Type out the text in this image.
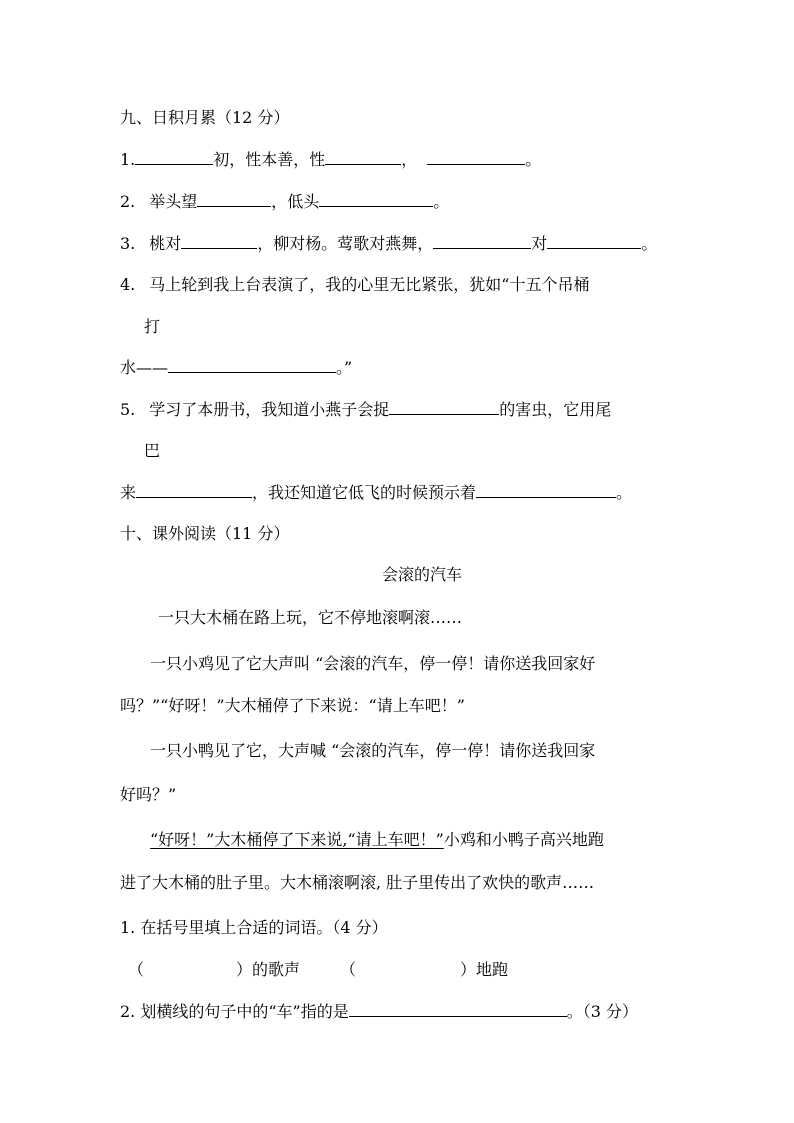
九、日积月累（12 分）
1.	初，性本善，性	，	。
2. 举头望	，低头	。
3. 桃对	，柳对杨。莺歌对燕舞，	对	。
4. 马上轮到我上台表演了，我的心里无比紧张，犹如“十五个吊桶
打
水——	。”
5. 学习了本册书，我知道小燕子会捉	的害虫，它用尾
巴
来	，我还知道它低飞的时候预示着	。
十、课外阅读（11 分）
会滚的汽车
一只大木桶在路上玩，它不停地滚啊滚……
一只小鸡见了它大声叫 “会滚的汽车，停一停！请你送我回家好
吗？”“好呀！”大木桶停了下来说：“请上车吧！”
一只小鸭见了它，大声喊 “会滚的汽车，停一停！请你送我回家
好吗？”
“好呀！”大木桶停了下来说,“请上车吧！”小鸡和小鸭子高兴地跑
进了大木桶的肚子里。大木桶滚啊滚, 肚子里传出了欢快的歌声……
1. 在括号里填上合适的词语。（4 分）
（	）的歌声	（	）地跑
2. 划横线的句子中的“车”指的是	。（3 分）
